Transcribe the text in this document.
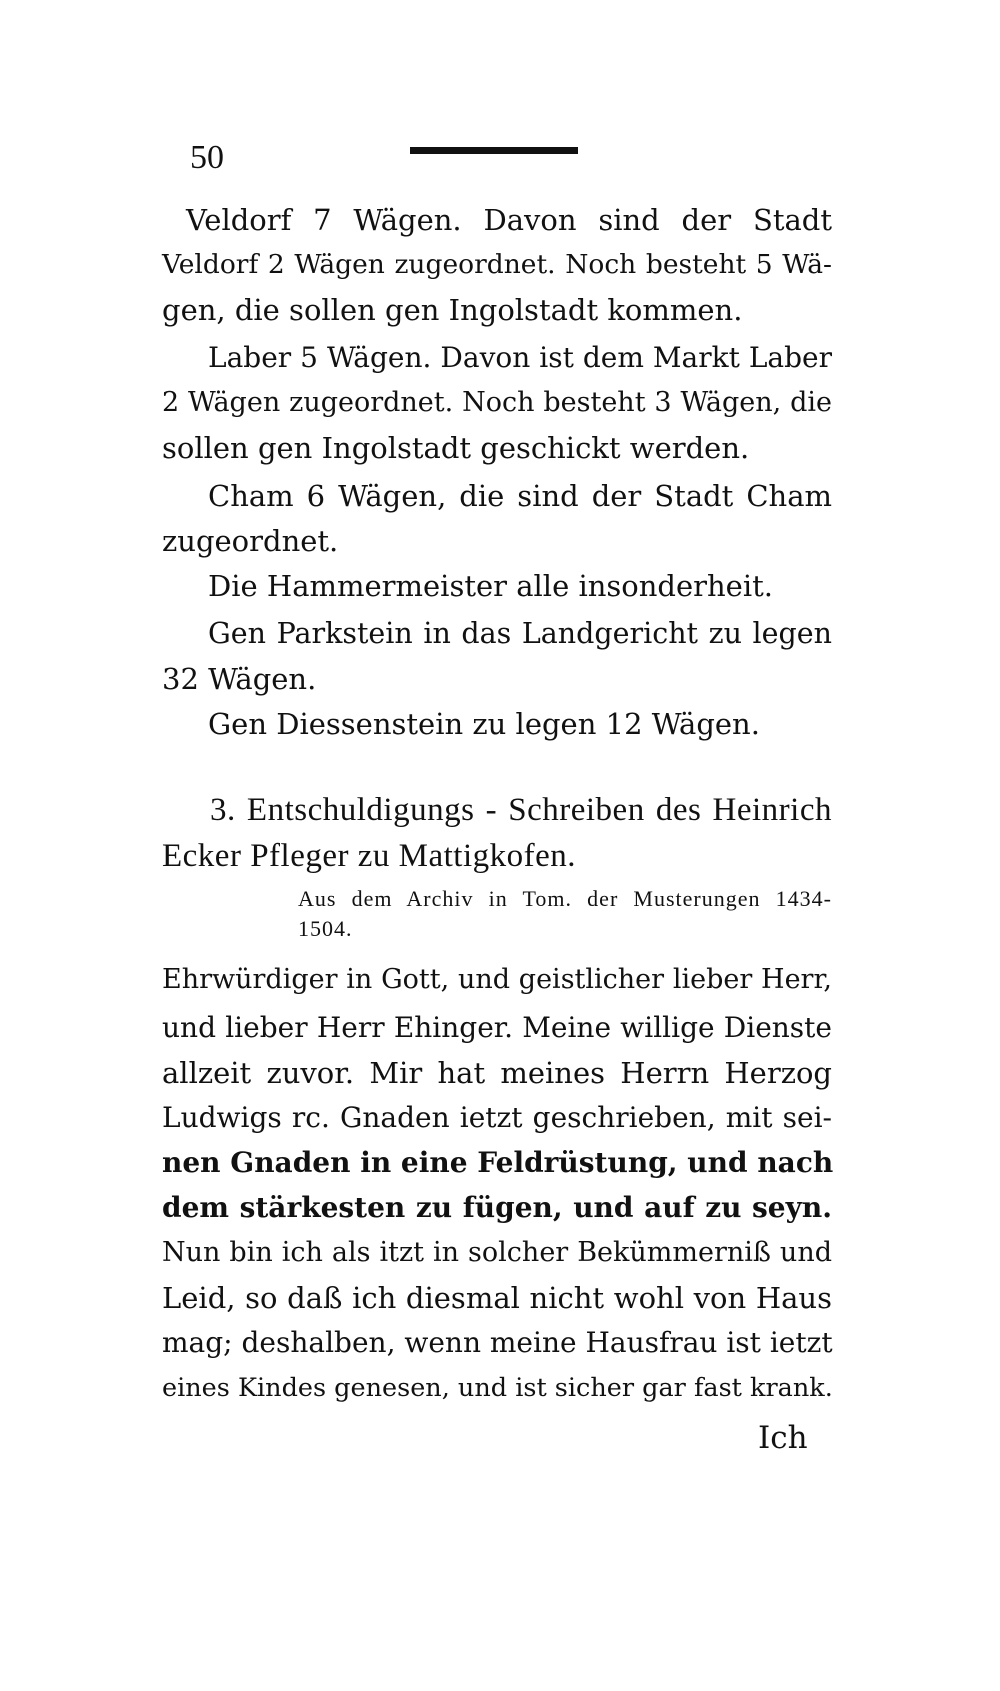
50
Veldorf 7 Wägen. Davon sind der Stadt
Veldorf 2 Wägen zugeordnet. Noch besteht 5 Wä-
gen, die sollen gen Ingolstadt kommen.
Laber 5 Wägen. Davon ist dem Markt Laber
2 Wägen zugeordnet. Noch besteht 3 Wägen, die
sollen gen Ingolstadt geschickt werden.
Cham 6 Wägen, die sind der Stadt Cham
zugeordnet.
Die Hammermeister alle insonderheit.
Gen Parkstein in das Landgericht zu legen
32 Wägen.
Gen Diessenstein zu legen 12 Wägen.
3. Entschuldigungs - Schreiben des Heinrich
Ecker Pfleger zu Mattigkofen.
Aus dem Archiv in Tom. der Musterungen 1434-
1504.
Ehrwürdiger in Gott, und geistlicher lieber Herr,
und lieber Herr Ehinger. Meine willige Dienste
allzeit zuvor. Mir hat meines Herrn Herzog
Ludwigs rc. Gnaden ietzt geschrieben, mit sei-
nen Gnaden in eine Feldrüstung, und nach
dem stärkesten zu fügen, und auf zu seyn.
Nun bin ich als itzt in solcher Bekümmerniß und
Leid, so daß ich diesmal nicht wohl von Haus
mag; deshalben, wenn meine Hausfrau ist ietzt
eines Kindes genesen, und ist sicher gar fast krank.
Ich
